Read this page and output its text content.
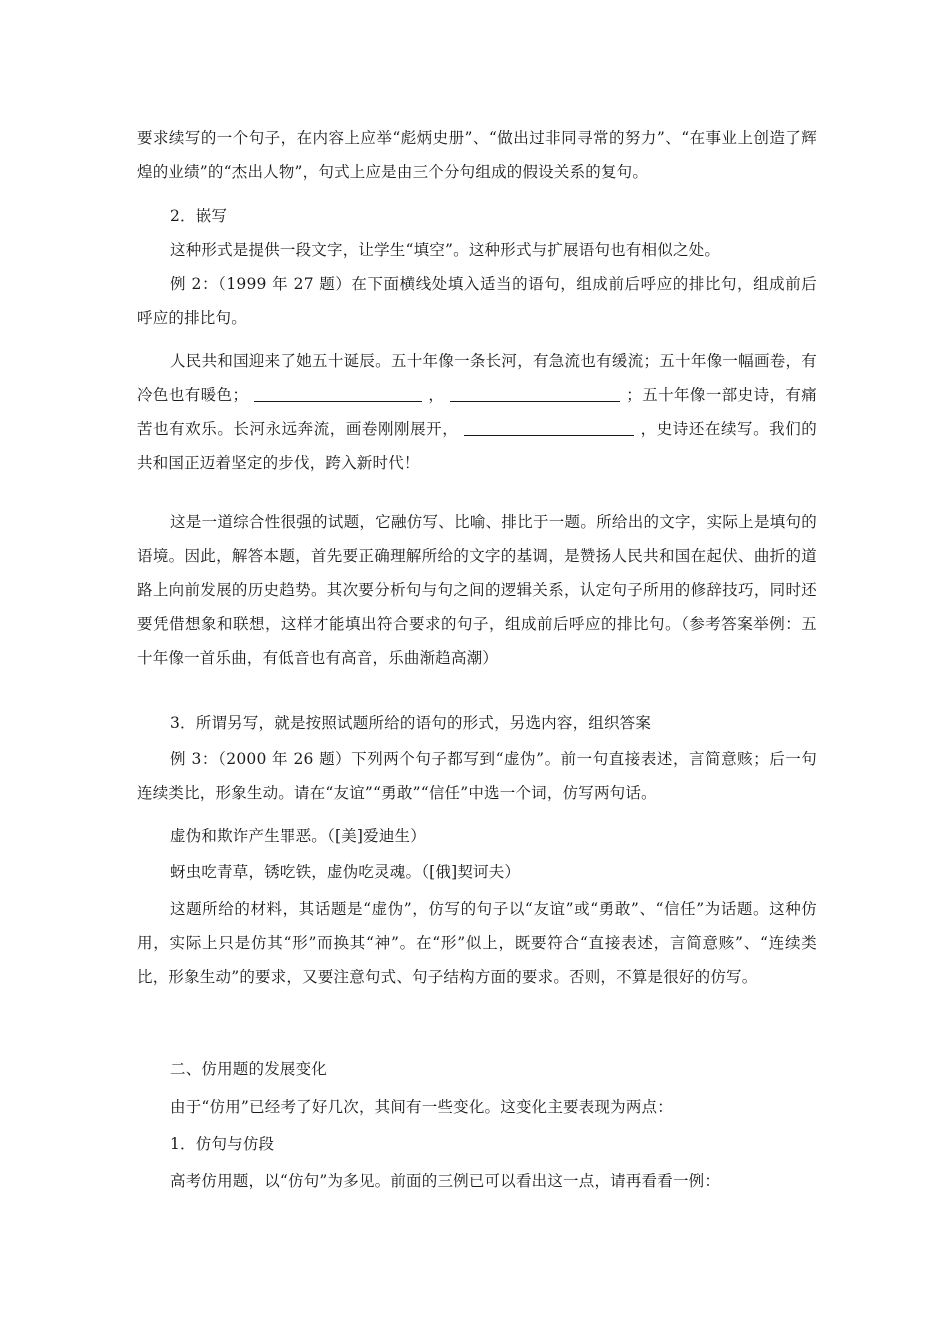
要求续写的一个句子，在内容上应举“彪炳史册”、“做出过非同寻常的努力”、“在事业上创造了辉煌的业绩”的“杰出人物”，句式上应是由三个分句组成的假设关系的复句。

2．嵌写

这种形式是提供一段文字，让学生“填空”。这种形式与扩展语句也有相似之处。

例 2：（1999 年 27 题）在下面横线处填入适当的语句，组成前后呼应的排比句，组成前后呼应的排比句。

人民共和国迎来了她五十诞辰。五十年像一条长河，有急流也有缓流；五十年像一幅画卷，有冷色也有暖色；	，	；五十年像一部史诗，有痛苦也有欢乐。长河永远奔流，画卷刚刚展开，	，史诗还在续写。我们的共和国正迈着坚定的步伐，跨入新时代！

这是一道综合性很强的试题，它融仿写、比喻、排比于一题。所给出的文字，实际上是填句的语境。因此，解答本题，首先要正确理解所给的文字的基调，是赞扬人民共和国在起伏、曲折的道路上向前发展的历史趋势。其次要分析句与句之间的逻辑关系，认定句子所用的修辞技巧，同时还要凭借想象和联想，这样才能填出符合要求的句子，组成前后呼应的排比句。（参考答案举例：五十年像一首乐曲，有低音也有高音，乐曲渐趋高潮）

3．所谓另写，就是按照试题所给的语句的形式，另选内容，组织答案

例 3：（2000 年 26 题）下列两个句子都写到“虚伪”。前一句直接表述，言简意赅；后一句连续类比，形象生动。请在“友谊”“勇敢”“信任”中选一个词，仿写两句话。

虚伪和欺诈产生罪恶。（[美]爱迪生）

蚜虫吃青草，锈吃铁，虚伪吃灵魂。（[俄]契诃夫）

这题所给的材料，其话题是“虚伪”，仿写的句子以“友谊”或“勇敢”、“信任”为话题。这种仿用，实际上只是仿其“形”而换其“神”。在“形”似上，既要符合“直接表述，言简意赅”、“连续类比，形象生动”的要求，又要注意句式、句子结构方面的要求。否则，不算是很好的仿写。

二、仿用题的发展变化

由于“仿用”已经考了好几次，其间有一些变化。这变化主要表现为两点：

1．仿句与仿段

高考仿用题，以“仿句”为多见。前面的三例已可以看出这一点，请再看看一例：
